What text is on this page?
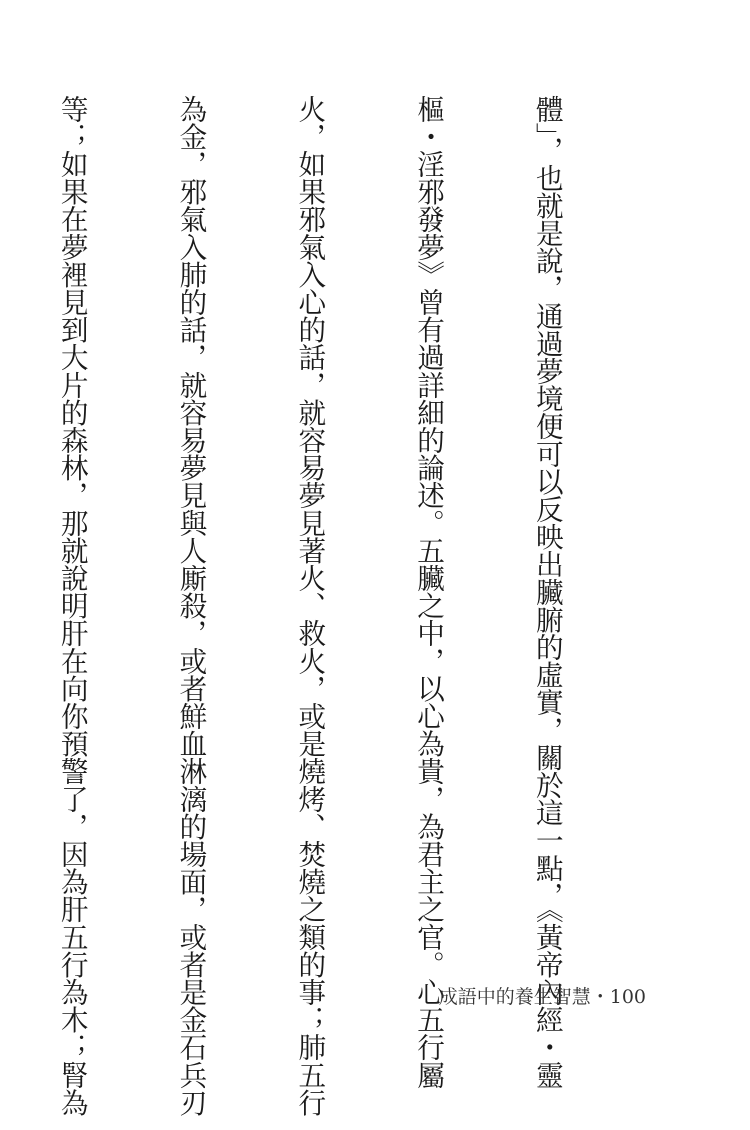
體」，也就是說，通過夢境便可以反映出臟腑的虛實，關於這一點，《黃帝內經・靈

樞・淫邪發夢》曾有過詳細的論述。五臟之中，以心為貴，為君主之官。心五行屬

火，如果邪氣入心的話，就容易夢見著火、救火，或是燒烤、焚燒之類的事；肺五行

為金，邪氣入肺的話，就容易夢見與人廝殺，或者鮮血淋漓的場面，或者是金石兵刃

等；如果在夢裡見到大片的森林，那就說明肝在向你預警了，因為肝五行為木；腎為

	成語中的養生智慧・100
